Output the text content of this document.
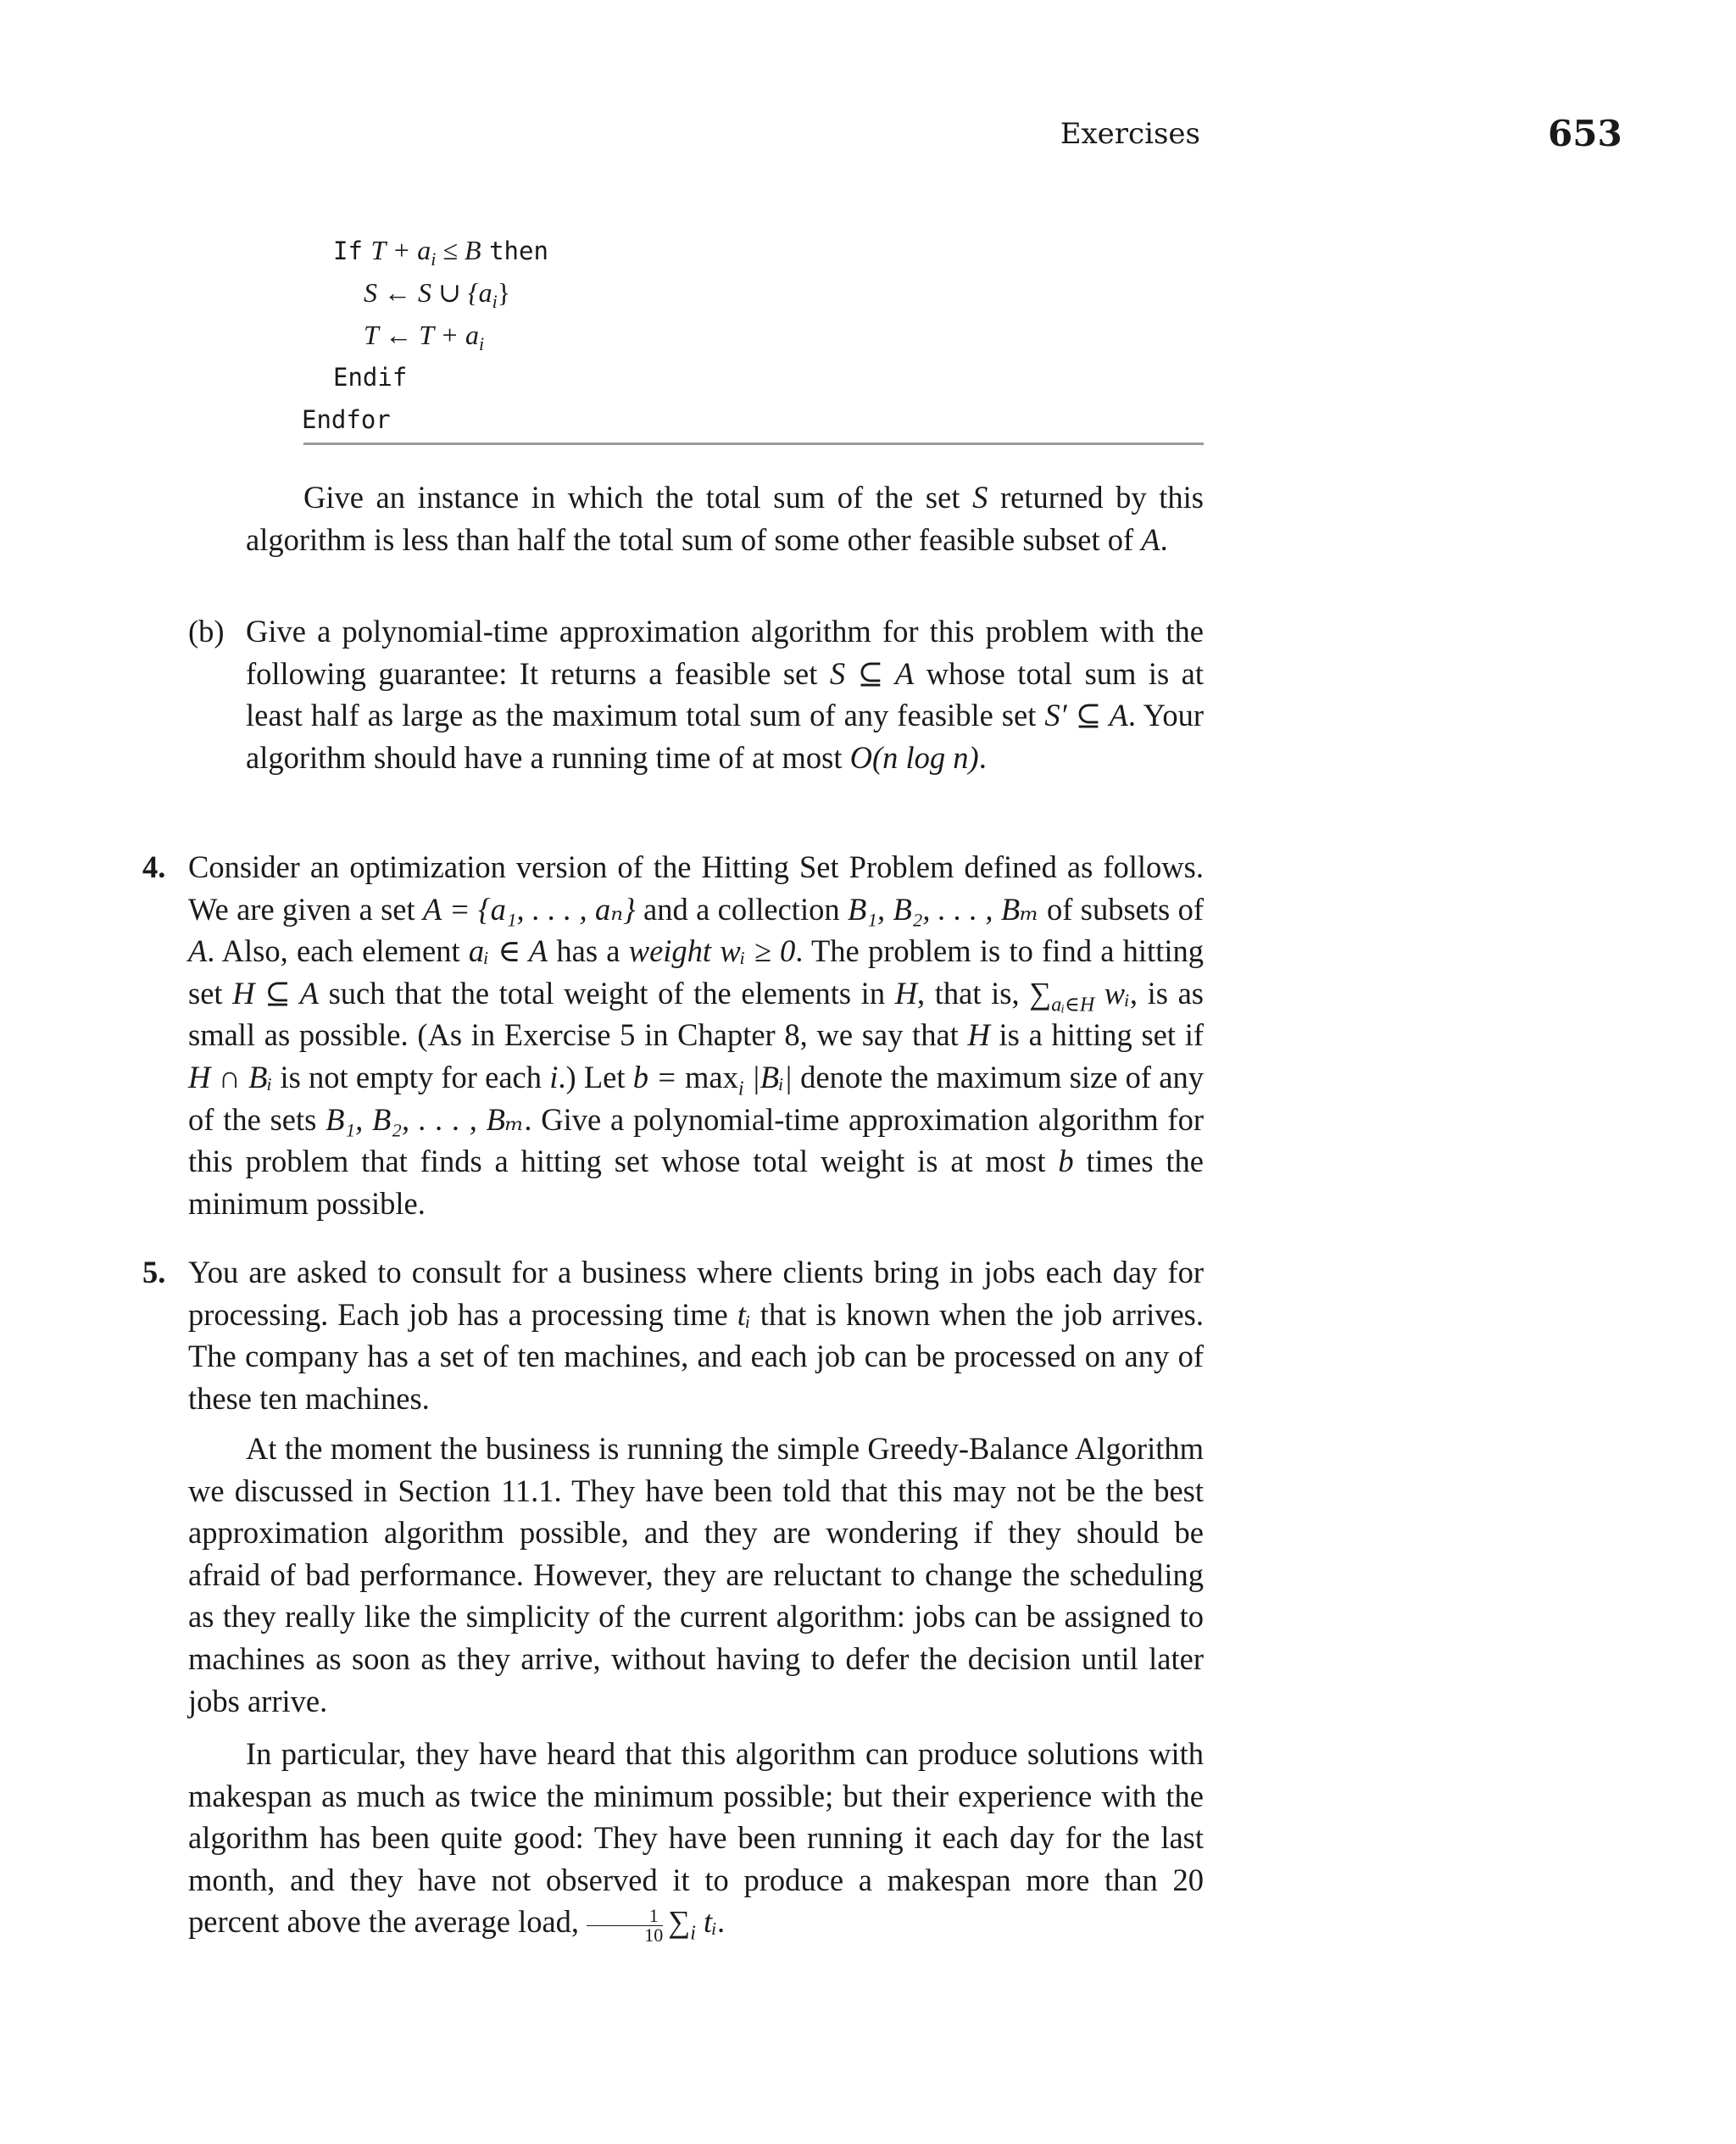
Exercises	653
If $T + a_i \le B$ then
S ← S ∪ $\{a_i\}$
T ← $T + a_i$
Endif
Endfor
Give an instance in which the total sum of the set S returned by this algorithm is less than half the total sum of some other feasible subset of A.
(b) Give a polynomial-time approximation algorithm for this problem with the following guarantee: It returns a feasible set S ⊆ A whose total sum is at least half as large as the maximum total sum of any feasible set S′ ⊆ A. Your algorithm should have a running time of at most O(n log n).
4. Consider an optimization version of the Hitting Set Problem defined as follows. We are given a set A = {a₁, . . . , aₙ} and a collection B₁, B₂, . . . , Bₘ of subsets of A. Also, each element aᵢ ∈ A has a weight wᵢ ≥ 0. The problem is to find a hitting set H ⊆ A such that the total weight of the elements in H, that is, $\sum_{aᵢ\in H}$ wᵢ, is as small as possible. (As in Exercise 5 in Chapter 8, we say that H is a hitting set if H ∩ Bᵢ is not empty for each i.) Let $b = \max_i$ |Bᵢ| denote the maximum size of any of the sets B₁, B₂, . . . , Bₘ. Give a polynomial-time approximation algorithm for this problem that finds a hitting set whose total weight is at most b times the minimum possible.
5. You are asked to consult for a business where clients bring in jobs each day for processing. Each job has a processing time tᵢ that is known when the job arrives. The company has a set of ten machines, and each job can be processed on any of these ten machines.
At the moment the business is running the simple Greedy-Balance Algorithm we discussed in Section 11.1. They have been told that this may not be the best approximation algorithm possible, and they are wondering if they should be afraid of bad performance. However, they are reluctant to change the scheduling as they really like the simplicity of the current algorithm: jobs can be assigned to machines as soon as they arrive, without having to defer the decision until later jobs arrive.
In particular, they have heard that this algorithm can produce solutions with makespan as much as twice the minimum possible; but their experience with the algorithm has been quite good: They have been running it each day for the last month, and they have not observed it to produce a makespan more than 20 percent above the average load, $\frac{1}{10} \sum_i$ tᵢ.
